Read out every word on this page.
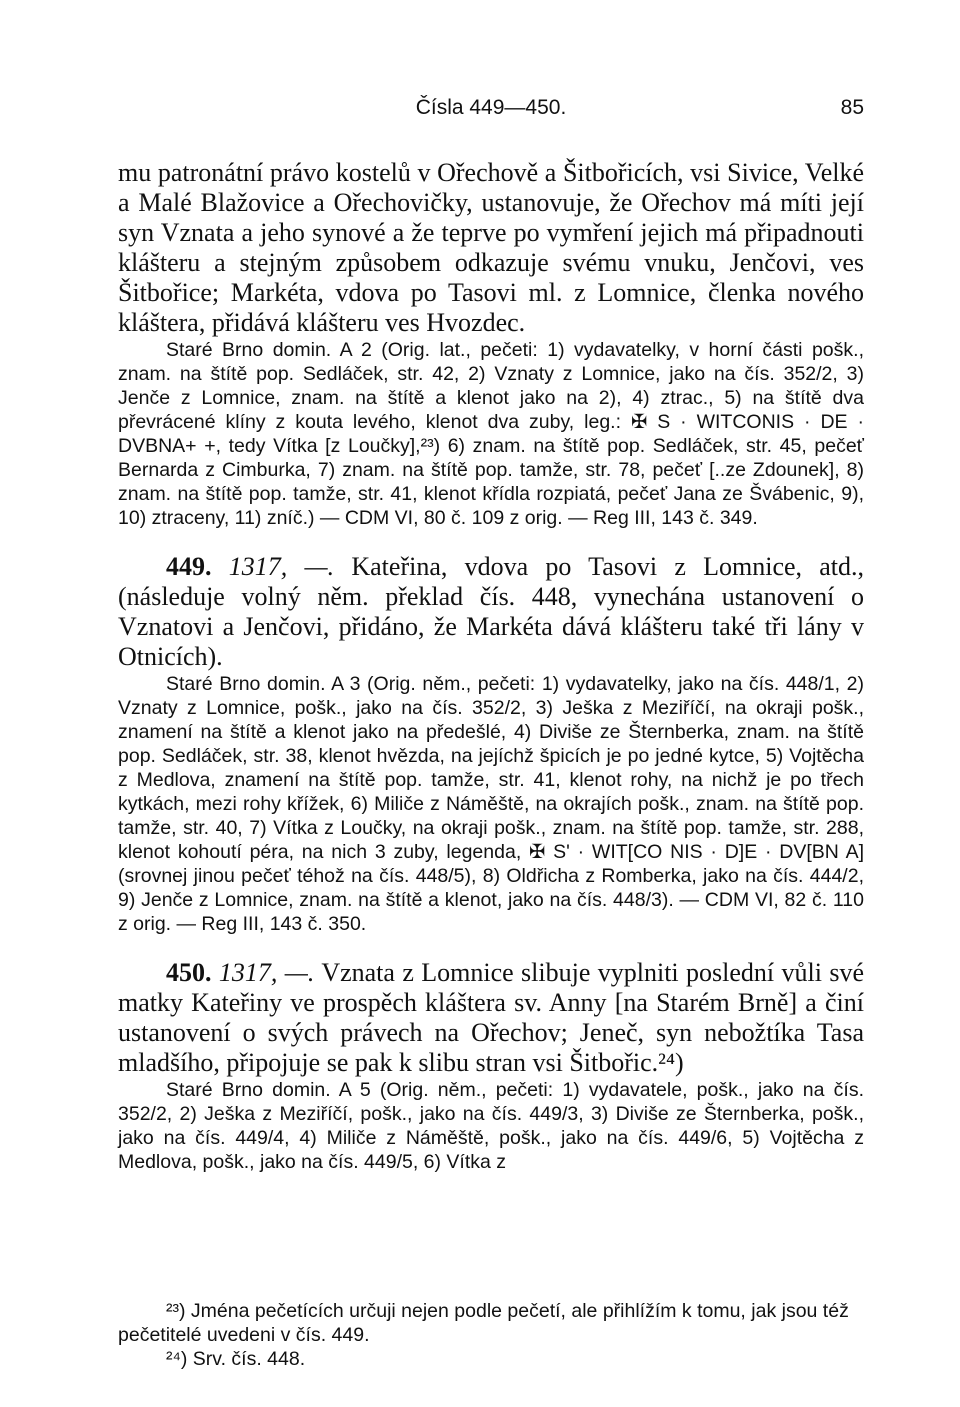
Čísla 449—450.	85

mu patronátní právo kostelů v Ořechově a Šitbořicích, vsi Sivice, Velké a Malé Blažovice a Ořechovičky, ustanovuje, že Ořechov má míti její syn Vznata a jeho synové a že teprve po vymření jejich má připadnouti klášteru a stejným způsobem odkazuje svému vnuku, Jenčovi, ves Šitbořice; Markéta, vdova po Tasovi ml. z Lomnice, členka nového kláštera, přidává klášteru ves Hvozdec.

Staré Brno domin. A 2 (Orig. lat., pečeti: 1) vydavatelky, v horní části pošk., znam. na štítě pop. Sedláček, str. 42, 2) Vznaty z Lomnice, jako na čís. 352/2, 3) Jenče z Lomnice, znam. na štítě a klenot jako na 2), 4) ztrac., 5) na štítě dva převrácené klíny z kouta levého, klenot dva zuby, leg.: ✠ S · WITCONIS · DE · DVBNA+ +, tedy Vítka [z Loučky],²³) 6) znam. na štítě pop. Sedláček, str. 45, pečeť Bernarda z Cimburka, 7) znam. na štítě pop. tamže, str. 78, pečeť [..ze Zdounek], 8) znam. na štítě pop. tamže, str. 41, klenot křídla rozpiatá, pečeť Jana ze Švábenic, 9), 10) ztraceny, 11) zníč.) — CDM VI, 80 č. 109 z orig. — Reg III, 143 č. 349.

449. 1317, —. Kateřina, vdova po Tasovi z Lomnice, atd., (následuje volný něm. překlad čís. 448, vynechána ustanovení o Vznatovi a Jenčovi, přidáno, že Markéta dává klášteru také tři lány v Otnicích).

Staré Brno domin. A 3 (Orig. něm., pečeti: 1) vydavatelky, jako na čís. 448/1, 2) Vznaty z Lomnice, pošk., jako na čís. 352/2, 3) Ješka z Meziříčí, na okraji pošk., znamení na štítě a klenot jako na předešlé, 4) Diviše ze Šternberka, znam. na štítě pop. Sedláček, str. 38, klenot hvězda, na jejíchž špicích je po jedné kytce, 5) Vojtěcha z Medlova, znamení na štítě pop. tamže, str. 41, klenot rohy, na nichž je po třech kytkách, mezi rohy křížek, 6) Miliče z Náměště, na okrajích pošk., znam. na štítě pop. tamže, str. 40, 7) Vítka z Loučky, na okraji pošk., znam. na štítě pop. tamže, str. 288, klenot kohoutí péra, na nich 3 zuby, legenda, ✠ S' · WIT[CO NIS · D]E · DV[BN A] (srovnej jinou pečeť téhož na čís. 448/5), 8) Oldřicha z Romberka, jako na čís. 444/2, 9) Jenče z Lomnice, znam. na štítě a klenot, jako na čís. 448/3). — CDM VI, 82 č. 110 z orig. — Reg III, 143 č. 350.

450. 1317, —. Vznata z Lomnice slibuje vyplniti poslední vůli své matky Kateřiny ve prospěch kláštera sv. Anny [na Starém Brně] a činí ustanovení o svých právech na Ořechov; Jeneč, syn nebožtíka Tasa mladšího, připojuje se pak k slibu stran vsi Šitbořic.²⁴)

Staré Brno domin. A 5 (Orig. něm., pečeti: 1) vydavatele, pošk., jako na čís. 352/2, 2) Ješka z Meziříčí, pošk., jako na čís. 449/3, 3) Diviše ze Šternberka, pošk., jako na čís. 449/4, 4) Miliče z Náměště, pošk., jako na čís. 449/6, 5) Vojtěcha z Medlova, pošk., jako na čís. 449/5, 6) Vítka z

²³) Jména pečetících určuji nejen podle pečetí, ale přihlížím k tomu, jak jsou též pečetitelé uvedeni v čís. 449.

²⁴) Srv. čís. 448.
